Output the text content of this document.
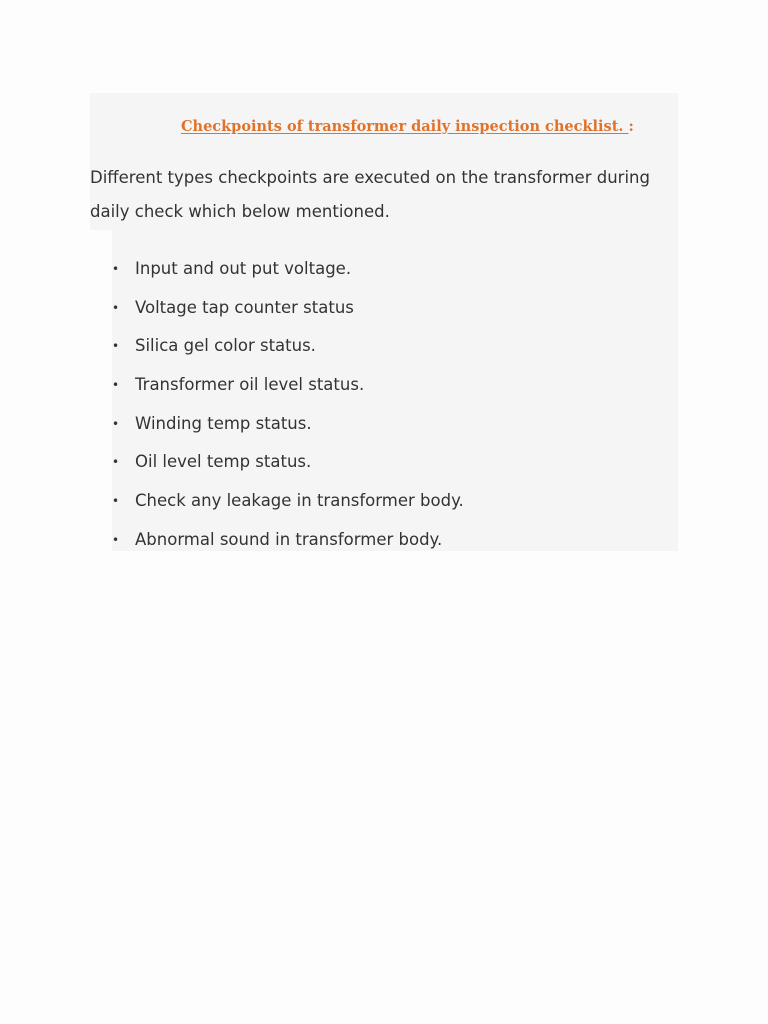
Checkpoints of transformer daily inspection checklist. :

Different types checkpoints are executed on the transformer during daily check which below mentioned.

• Input and out put voltage.
• Voltage tap counter status
• Silica gel color status.
• Transformer oil level status.
• Winding temp status.
• Oil level temp status.
• Check any leakage in transformer body.
• Abnormal sound in transformer body.
